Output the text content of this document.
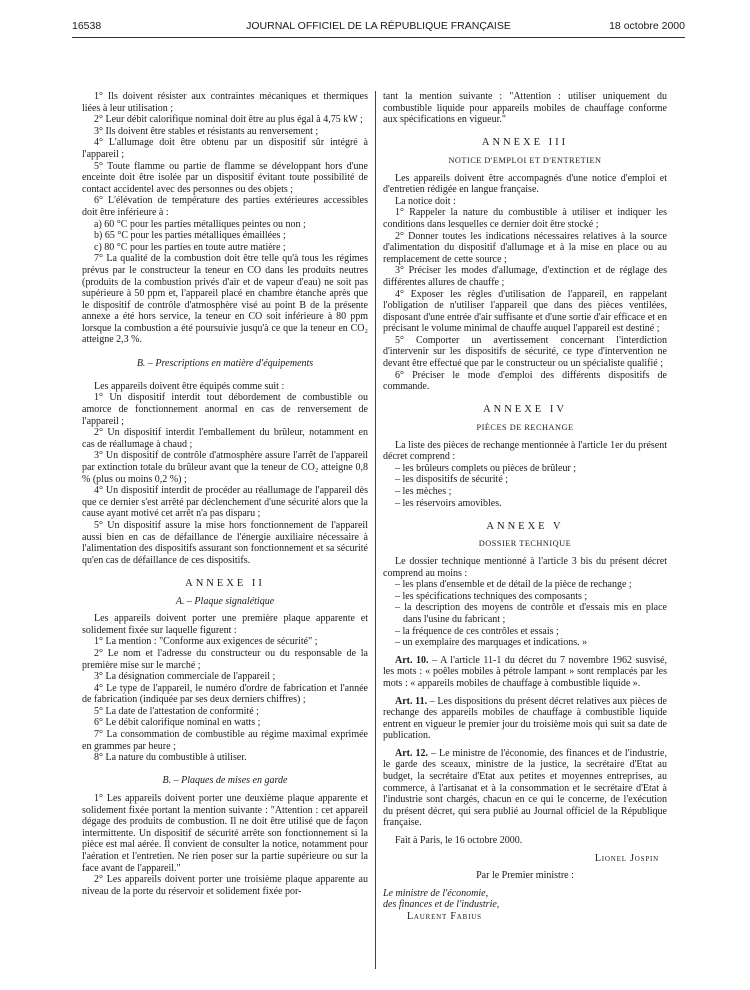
16538	JOURNAL OFFICIEL DE LA RÉPUBLIQUE FRANÇAISE	18 octobre 2000

1° Ils doivent résister aux contraintes mécaniques et thermiques liées à leur utilisation ;

2° Leur débit calorifique nominal doit être au plus égal à 4,75 kW ;

3° Ils doivent être stables et résistants au renversement ;

4° L'allumage doit être obtenu par un dispositif sûr intégré à l'appareil ;

5° Toute flamme ou partie de flamme se développant hors d'une enceinte doit être isolée par un dispositif évitant toute possibilité de contact accidentel avec des personnes ou des objets ;

6° L'élévation de température des parties extérieures accessibles doit être inférieure à :

a) 60 °C pour les parties métalliques peintes ou non ;

b) 65 °C pour les parties métalliques émaillées ;

c) 80 °C pour les parties en toute autre matière ;

7° La qualité de la combustion doit être telle qu'à tous les régimes prévus par le constructeur la teneur en CO dans les produits neutres (produits de la combustion privés d'air et de vapeur d'eau) ne soit pas supérieure à 50 ppm et, l'appareil placé en chambre étanche après que le dispositif de contrôle d'atmosphère visé au point B de la présente annexe a été hors service, la teneur en CO soit inférieure à 80 ppm lorsque la combustion a été poursuivie jusqu'à ce que la teneur en CO₂ atteigne 2,3 %.

B. – Prescriptions en matière d'équipements

Les appareils doivent être équipés comme suit :

1° Un dispositif interdit tout débordement de combustible ou amorce de fonctionnement anormal en cas de renversement de l'appareil ;

2° Un dispositif interdit l'emballement du brûleur, notamment en cas de réallumage à chaud ;

3° Un dispositif de contrôle d'atmosphère assure l'arrêt de l'appareil par extinction totale du brûleur avant que la teneur de CO₂ atteigne 0,8 % (plus ou moins 0,2 %) ;

4° Un dispositif interdit de procéder au réallumage de l'appareil dès que ce dernier s'est arrêté par déclenchement d'une sécurité alors que la cause ayant motivé cet arrêt n'a pas disparu ;

5° Un dispositif assure la mise hors fonctionnement de l'appareil aussi bien en cas de défaillance de l'énergie auxiliaire nécessaire à l'alimentation des dispositifs assurant son fonctionnement et sa sécurité qu'en cas de défaillance de ces dispositifs.

ANNEXE II

A. – Plaque signalétique

Les appareils doivent porter une première plaque apparente et solidement fixée sur laquelle figurent :

1° La mention : "Conforme aux exigences de sécurité" ;

2° Le nom et l'adresse du constructeur ou du responsable de la première mise sur le marché ;

3° La désignation commerciale de l'appareil ;

4° Le type de l'appareil, le numéro d'ordre de fabrication et l'année de fabrication (indiquée par ses deux derniers chiffres) ;

5° La date de l'attestation de conformité ;

6° Le débit calorifique nominal en watts ;

7° La consommation de combustible au régime maximal exprimée en grammes par heure ;

8° La nature du combustible à utiliser.

B. – Plaques de mises en garde

1° Les appareils doivent porter une deuxième plaque apparente et solidement fixée portant la mention suivante : "Attention : cet appareil dégage des produits de combustion. Il ne doit être utilisé que de façon intermittente. Un dispositif de sécurité arrête son fonctionnement si la pièce est mal aérée. Il convient de consulter la notice, notamment pour l'aération et l'entretien. Ne rien poser sur la partie supérieure ou sur la face avant de l'appareil."

2° Les appareils doivent porter une troisième plaque apparente au niveau de la porte du réservoir et solidement fixée por-

tant la mention suivante : "Attention : utiliser uniquement du combustible liquide pour appareils mobiles de chauffage conforme aux spécifications en vigueur."

ANNEXE III

NOTICE D'EMPLOI ET D'ENTRETIEN

Les appareils doivent être accompagnés d'une notice d'emploi et d'entretien rédigée en langue française.

La notice doit :

1° Rappeler la nature du combustible à utiliser et indiquer les conditions dans lesquelles ce dernier doit être stocké ;

2° Donner toutes les indications nécessaires relatives à la source d'alimentation du dispositif d'allumage et à la mise en place ou au remplacement de cette source ;

3° Préciser les modes d'allumage, d'extinction et de réglage des différentes allures de chauffe ;

4° Exposer les règles d'utilisation de l'appareil, en rappelant l'obligation de n'utiliser l'appareil que dans des pièces ventilées, disposant d'une entrée d'air suffisante et d'une sortie d'air efficace et en précisant le volume minimal de chauffe auquel l'appareil est destiné ;

5° Comporter un avertissement concernant l'interdiction d'intervenir sur les dispositifs de sécurité, ce type d'intervention ne devant être effectué que par le constructeur ou un spécialiste qualifié ;

6° Préciser le mode d'emploi des différents dispositifs de commande.

ANNEXE IV

PIÈCES DE RECHANGE

La liste des pièces de rechange mentionnée à l'article 1er du présent décret comprend :

– les brûleurs complets ou pièces de brûleur ;

– les dispositifs de sécurité ;

– les mèches ;

– les réservoirs amovibles.

ANNEXE V

DOSSIER TECHNIQUE

Le dossier technique mentionné à l'article 3 bis du présent décret comprend au moins :

– les plans d'ensemble et de détail de la pièce de rechange ;

– les spécifications techniques des composants ;

– la description des moyens de contrôle et d'essais mis en place dans l'usine du fabricant ;

– la fréquence de ces contrôles et essais ;

– un exemplaire des marquages et indications. »

Art. 10. – A l'article 11-1 du décret du 7 novembre 1962 susvisé, les mots : « poêles mobiles à pétrole lampant » sont remplacés par les mots : « appareils mobiles de chauffage à combustible liquide ».

Art. 11. – Les dispositions du présent décret relatives aux pièces de rechange des appareils mobiles de chauffage à combustible liquide entrent en vigueur le premier jour du troisième mois qui suit sa date de publication.

Art. 12. – Le ministre de l'économie, des finances et de l'industrie, le garde des sceaux, ministre de la justice, la secrétaire d'Etat au budget, la secrétaire d'Etat aux petites et moyennes entreprises, au commerce, à l'artisanat et à la consommation et le secrétaire d'Etat à l'industrie sont chargés, chacun en ce qui le concerne, de l'exécution du présent décret, qui sera publié au Journal officiel de la République française.

Fait à Paris, le 16 octobre 2000.

Lionel Jospin

Par le Premier ministre :

Le ministre de l'économie,

des finances et de l'industrie,

Laurent Fabius
